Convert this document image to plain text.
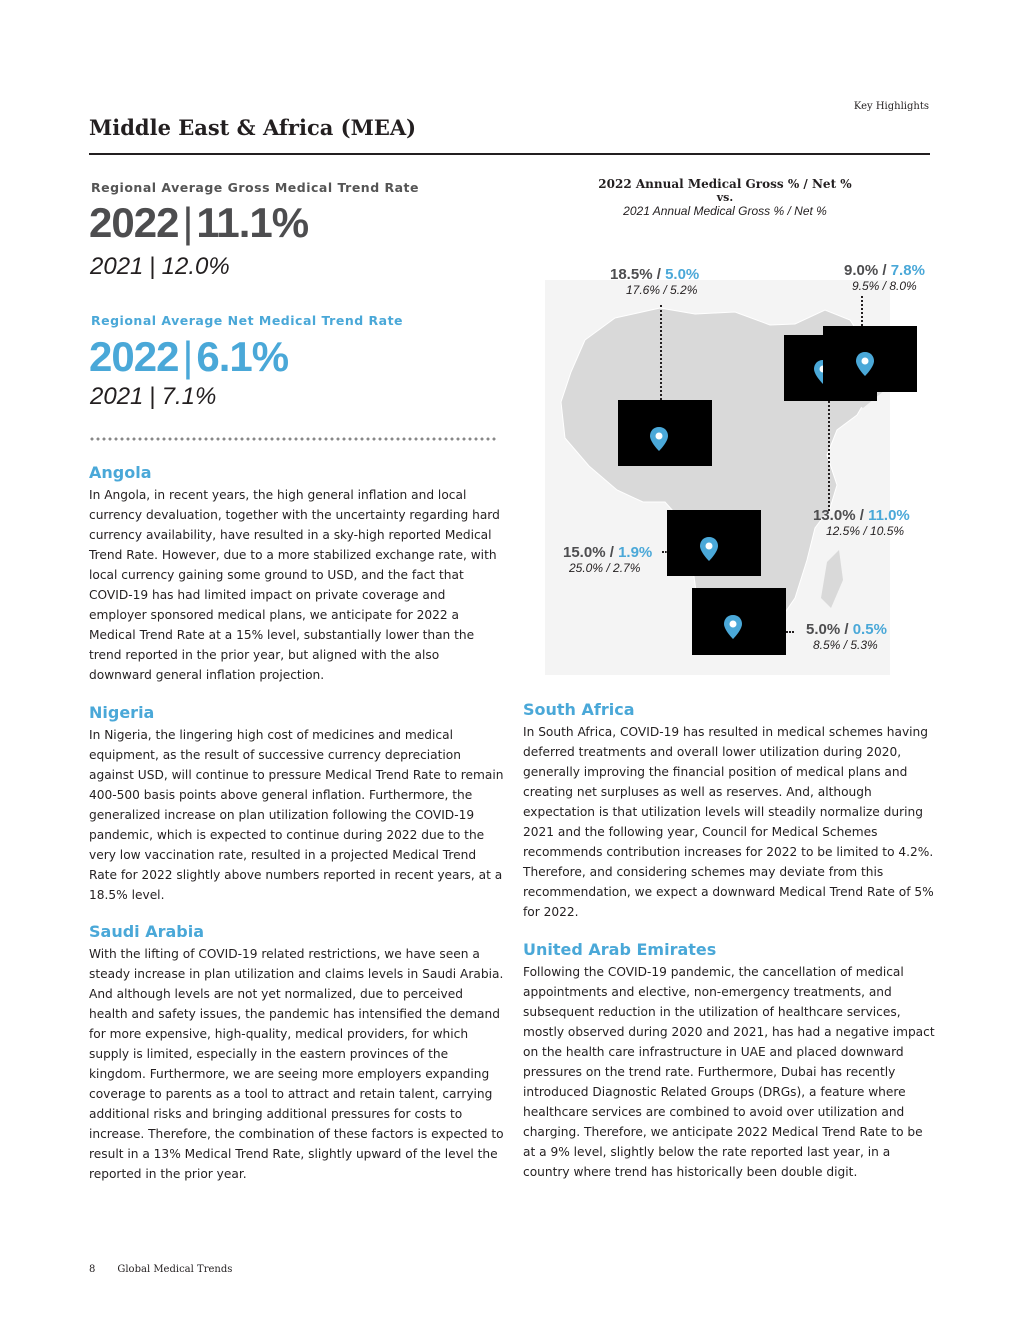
Key Highlights
Middle East & Africa (MEA)
Regional Average Gross Medical Trend Rate
2022|11.1%
2021 | 12.0%
Regional Average Net Medical Trend Rate
2022|6.1%
2021 | 7.1%
Angola

In Angola, in recent years, the high general inflation and local currency devaluation, together with the uncertainty regarding hard currency availability, have resulted in a sky-high reported Medical Trend Rate. However, due to a more stabilized exchange rate, with local currency gaining some ground to USD, and the fact that COVID-19 has had limited impact on private coverage and employer sponsored medical plans, we anticipate for 2022 a Medical Trend Rate at a 15% level, substantially lower than the trend reported in the prior year, but aligned with the also downward general inflation projection.

Nigeria

In Nigeria, the lingering high cost of medicines and medical equipment, as the result of successive currency depreciation against USD, will continue to pressure Medical Trend Rate to remain 400-500 basis points above general inflation. Furthermore, the generalized increase on plan utilization following the COVID-19 pandemic, which is expected to continue during 2022 due to the very low vaccination rate, resulted in a projected Medical Trend Rate for 2022 slightly above numbers reported in recent years, at a 18.5% level.

Saudi Arabia

With the lifting of COVID-19 related restrictions, we have seen a steady increase in plan utilization and claims levels in Saudi Arabia. And although levels are not yet normalized, due to perceived health and safety issues, the pandemic has intensified the demand for more expensive, high-quality, medical providers, for which supply is limited, especially in the eastern provinces of the kingdom. Furthermore, we are seeing more employers expanding coverage to parents as a tool to attract and retain talent, carrying additional risks and bringing additional pressures for costs to increase. Therefore, the combination of these factors is expected to result in a 13% Medical Trend Rate, slightly upward of the level the reported in the prior year.

2022 Annual Medical Gross % / Net %
vs.
2021 Annual Medical Gross % / Net %
18.5% / 5.0%
17.6% / 5.2%
9.0% / 7.8%
9.5% / 8.0%
13.0% / 11.0%
12.5% / 10.5%
15.0% / 1.9%
25.0% / 2.7%
5.0% / 0.5%
8.5% / 5.3%
South Africa

In South Africa, COVID-19 has resulted in medical schemes having deferred treatments and overall lower utilization during 2020, generally improving the financial position of medical plans and creating net surpluses as well as reserves. And, although expectation is that utilization levels will steadily normalize during 2021 and the following year, Council for Medical Schemes recommends contribution increases for 2022 to be limited to 4.2%. Therefore, and considering schemes may deviate from this recommendation, we expect a downward Medical Trend Rate of 5% for 2022.

United Arab Emirates

Following the COVID-19 pandemic, the cancellation of medical appointments and elective, non-emergency treatments, and subsequent reduction in the utilization of healthcare services, mostly observed during 2020 and 2021, has had a negative impact on the health care infrastructure in UAE and placed downward pressures on the trend rate. Furthermore, Dubai has recently introduced Diagnostic Related Groups (DRGs), a feature where healthcare services are combined to avoid over utilization and charging. Therefore, we anticipate 2022 Medical Trend Rate to be at a 9% level, slightly below the rate reported last year, in a country where trend has historically been double digit.

8 Global Medical Trends
